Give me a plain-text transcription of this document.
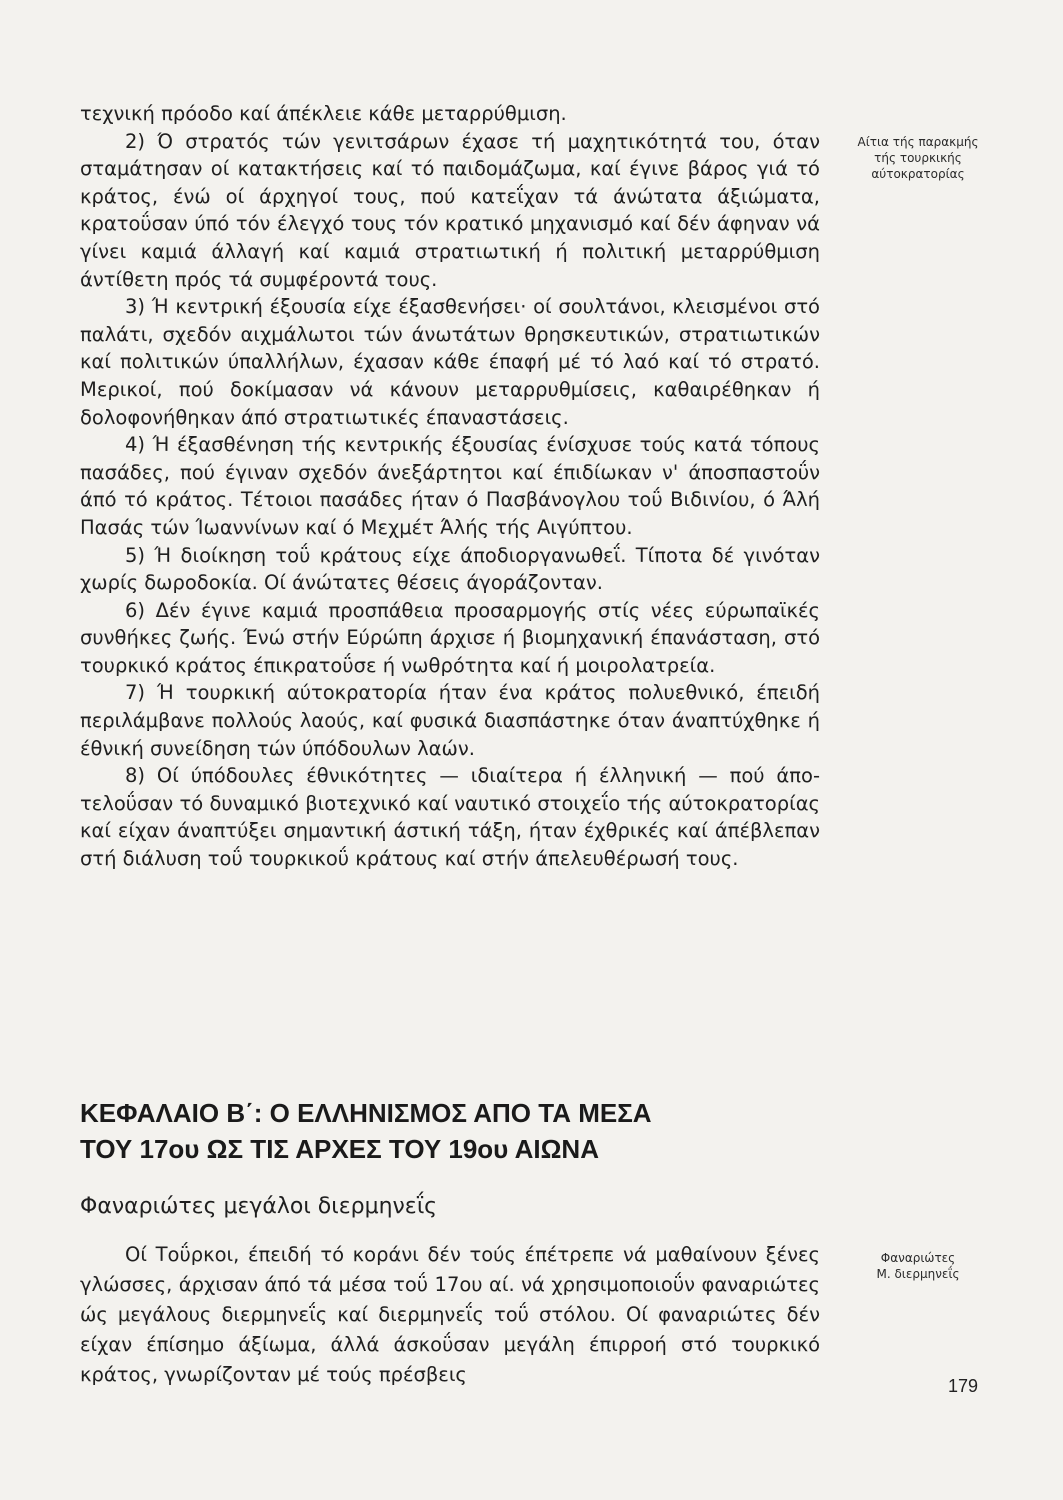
τεχνική πρόοδο καί άπέκλειε κάθε μεταρρύθμιση.

2) Ό στρατός τών γενιτσάρων έχασε τή μαχητικότητά του, όταν σταμάτησαν οί κατακτήσεις καί τό παιδομάζωμα, καί έγινε βάρος γιά τό κράτος, ένώ οί άρχηγοί τους, πού κατεΐχαν τά άνώτατα άξιώματα, κρατοΰσαν ύπό τόν έλεγχό τους τόν κρατικό μηχανισμό καί δέν άφηναν νά γίνει καμιά άλλαγή καί καμιά στρατιωτική ή πολιτική μεταρρύθμιση άντίθετη πρός τά συμφέροντά τους.

3) Ή κεντρική έξουσία είχε έξασθενήσει· οί σουλτάνοι, κλεισμένοι στό παλάτι, σχεδόν αιχμάλωτοι τών άνωτάτων θρησκευτικών, στρατιωτικών καί πολιτικών ύπαλλήλων, έχασαν κάθε έπαφή μέ τό λαό καί τό στρατό. Μερικοί, πού δοκίμασαν νά κάνουν μεταρρυθμίσεις, καθαιρέθηκαν ή δολοφονήθηκαν άπό στρατιωτικές έπαναστάσεις.

4) Ή έξασθένηση τής κεντρικής έξουσίας ένίσχυσε τούς κατά τόπους πασάδες, πού έγιναν σχεδόν άνεξάρτητοι καί έπιδίωκαν ν' άποσπαστοΰν άπό τό κράτος. Τέτοιοι πασάδες ήταν ό Πασβάνογλου τοΰ Βιδινίου, ό Άλή Πασάς τών Ίωαννίνων καί ό Μεχμέτ Άλής τής Αιγύπτου.

5) Ή διοίκηση τοΰ κράτους είχε άποδιοργανωθεΐ. Τίποτα δέ γινόταν χωρίς δωροδοκία. Οί άνώτατες θέσεις άγοράζονταν.

6) Δέν έγινε καμιά προσπάθεια προσαρμογής στίς νέες εύρωπαϊκές συνθήκες ζωής. Ένώ στήν Εύρώπη άρχισε ή βιομηχανική έπανάσταση, στό τουρκικό κράτος έπικρατοΰσε ή νωθρότητα καί ή μοιρολατρεία.

7) Ή τουρκική αύτοκρατορία ήταν ένα κράτος πολυεθνικό, έπειδή περιλάμβανε πολλούς λαούς, καί φυσικά διασπάστηκε όταν άναπτύχθηκε ή έθνική συνείδηση τών ύπόδουλων λαών.

8) Οί ύπόδουλες έθνικότητες — ιδιαίτερα ή έλληνική — πού άποτελοΰσαν τό δυναμικό βιοτεχνικό καί ναυτικό στοιχεΐο τής αύτοκρατορίας καί είχαν άναπτύξει σημαντική άστική τάξη, ήταν έχθρικές καί άπέβλεπαν στή διάλυση τοΰ τουρκικοΰ κράτους καί στήν άπελευθέρωσή τους.

Αίτια τής παρακμής
τής τουρκικής
αύτοκρατορίας
ΚΕΦΑΛΑΙΟ Β΄: Ο ΕΛΛΗΝΙΣΜΟΣ ΑΠΟ ΤΑ ΜΕΣΑ
ΤΟΥ 17ου ΩΣ ΤΙΣ ΑΡΧΕΣ ΤΟΥ 19ου ΑΙΩΝΑ
Φαναριώτες μεγάλοι διερμηνεΐς

Οί Τοΰρκοι, έπειδή τό κοράνι δέν τούς έπέτρεπε νά μαθαίνουν ξένες γλώσσες, άρχισαν άπό τά μέσα τοΰ 17ου αί. νά χρησιμοποιοΰν φαναριώτες ώς μεγάλους διερμηνεΐς καί διερμηνεΐς τοΰ στόλου. Οί φαναριώτες δέν είχαν έπίσημο άξίωμα, άλλά άσκοΰσαν μεγάλη έπιρροή στό τουρκικό κράτος, γνωρίζονταν μέ τούς πρέσβεις

Φαναριώτες
Μ. διερμηνεΐς
179
